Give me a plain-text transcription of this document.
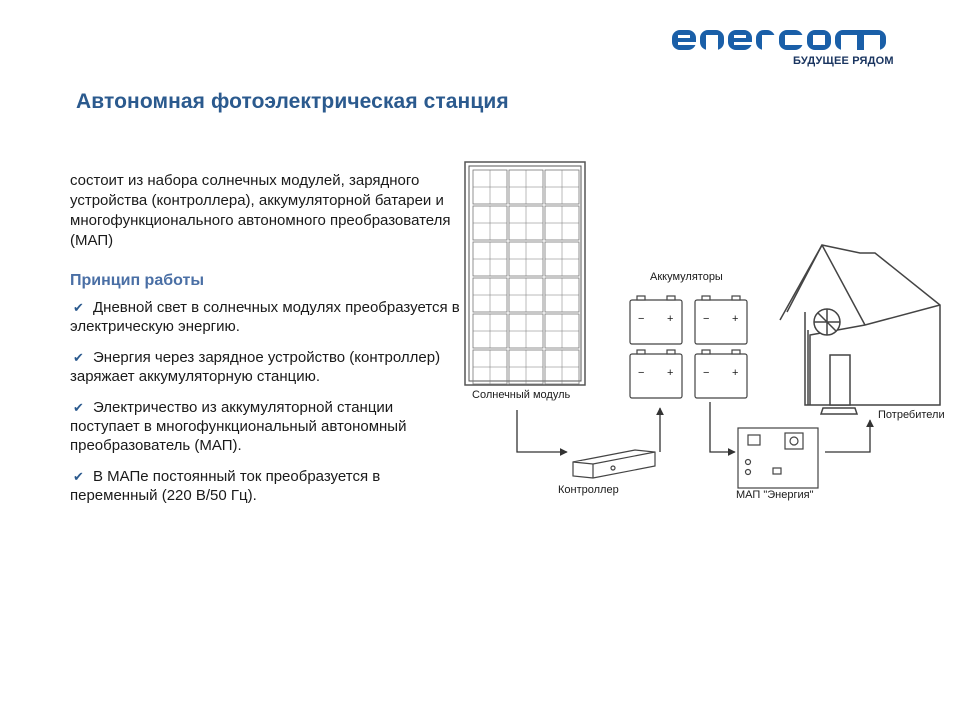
БУДУЩЕЕ РЯДОМ
Автономная фотоэлектрическая станция

состоит из набора солнечных модулей, зарядного устройства (контроллера), аккумуляторной батареи и многофункционального автономного преобразователя (МАП)

Принцип работы
✔ Дневной свет в солнечных модулях преобразуется в электрическую энергию.
✔ Энергия через зарядное устройство (контроллер) заряжает аккумуляторную станцию.
✔ Электричество из аккумуляторной станции поступает в многофункциональный автономный преобразователь (МАП).
✔ В МАПе постоянный ток преобразуется в переменный (220 В/50 Гц).
− +	− +
− +	− +
Солнечный модуль
Аккумуляторы
Контроллер	МАП "Энергия"
Потребители
